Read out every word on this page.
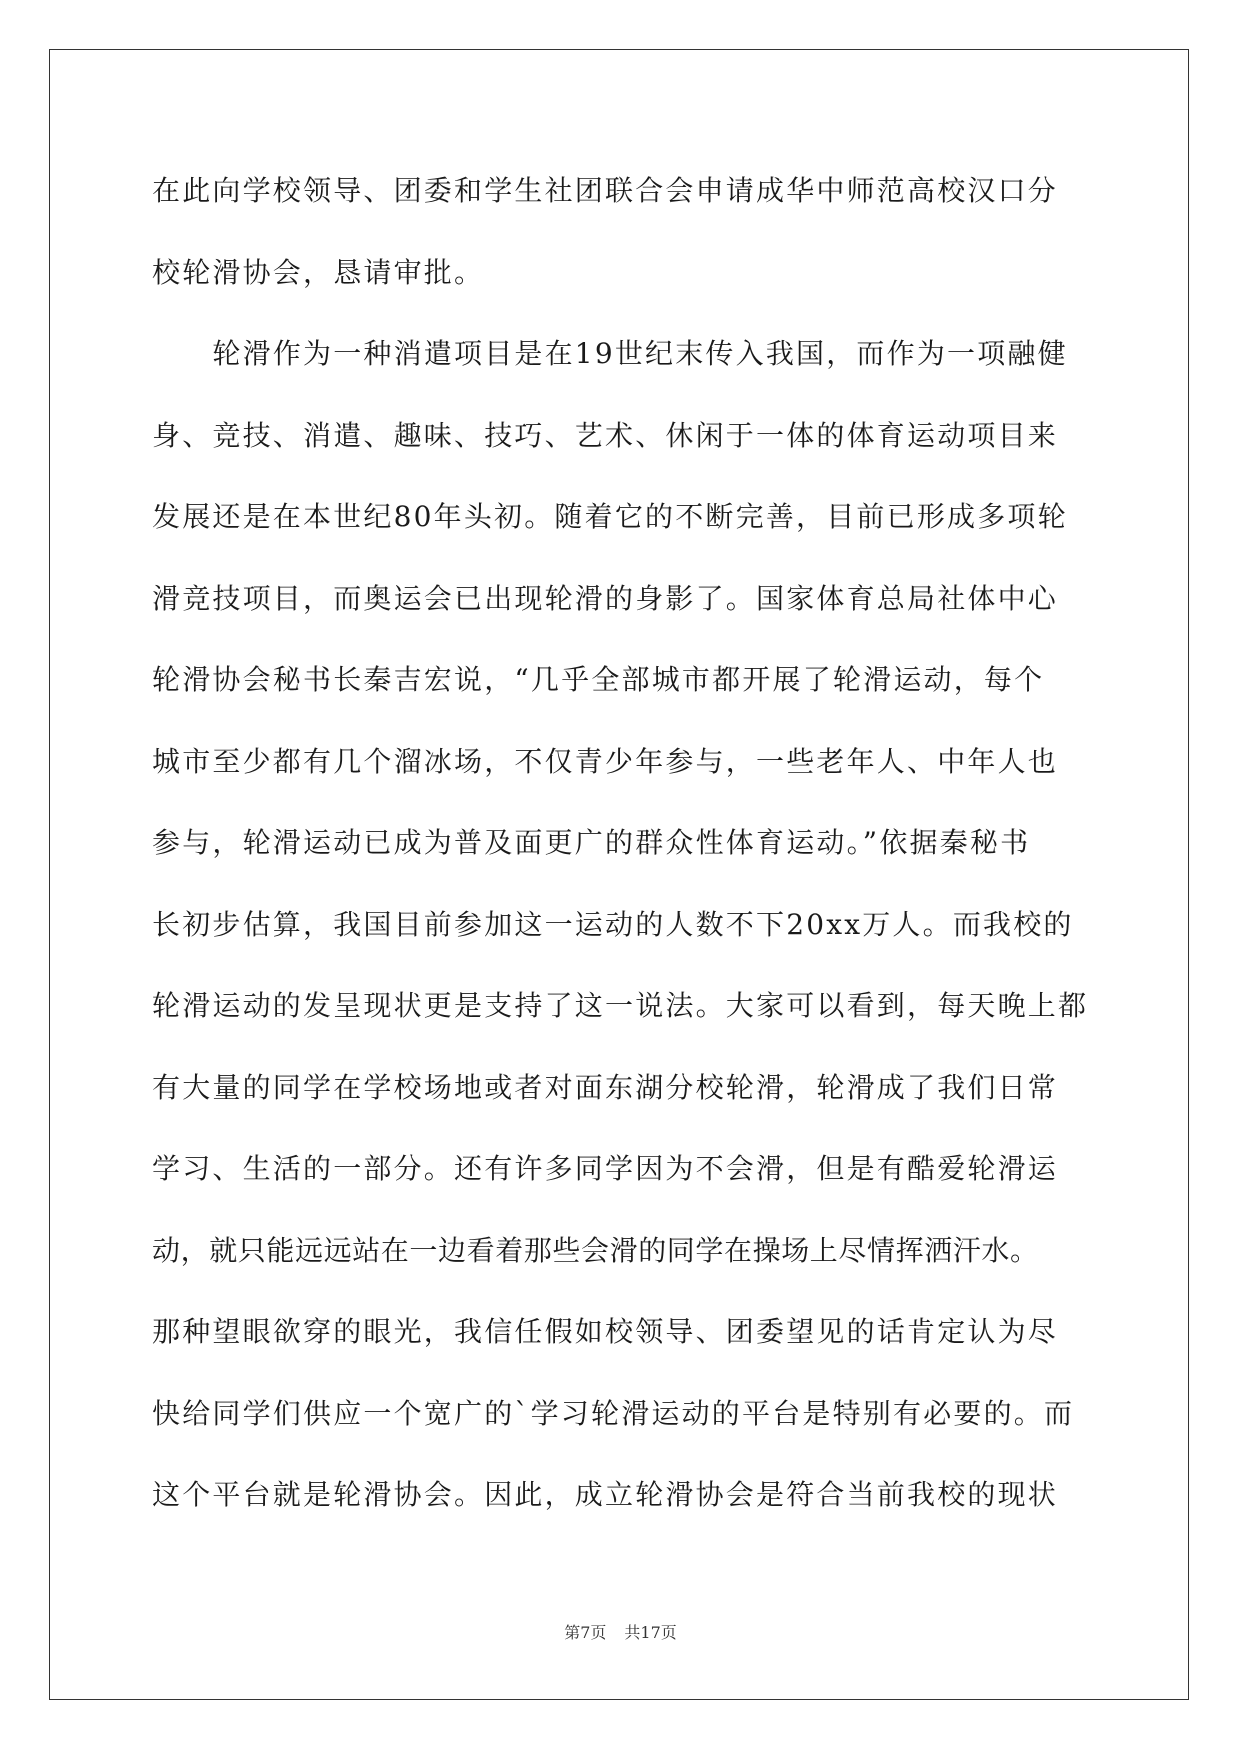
在此向学校领导、团委和学生社团联合会申请成华中师范高校汉口分
校轮滑协会，恳请审批。
　　轮滑作为一种消遣项目是在19世纪末传入我国，而作为一项融健
身、竞技、消遣、趣味、技巧、艺术、休闲于一体的体育运动项目来
发展还是在本世纪80年头初。随着它的不断完善，目前已形成多项轮
滑竞技项目，而奥运会已出现轮滑的身影了。国家体育总局社体中心
轮滑协会秘书长秦吉宏说，“几乎全部城市都开展了轮滑运动，每个
城市至少都有几个溜冰场，不仅青少年参与，一些老年人、中年人也
参与，轮滑运动已成为普及面更广的群众性体育运动。”依据秦秘书
长初步估算，我国目前参加这一运动的人数不下20xx万人。而我校的
轮滑运动的发呈现状更是支持了这一说法。大家可以看到，每天晚上都
有大量的同学在学校场地或者对面东湖分校轮滑，轮滑成了我们日常
学习、生活的一部分。还有许多同学因为不会滑，但是有酷爱轮滑运
动，就只能远远站在一边看着那些会滑的同学在操场上尽情挥洒汗水。
那种望眼欲穿的眼光，我信任假如校领导、团委望见的话肯定认为尽
快给同学们供应一个宽广的`学习轮滑运动的平台是特别有必要的。而
这个平台就是轮滑协会。因此，成立轮滑协会是符合当前我校的现状
第7页 共17页
